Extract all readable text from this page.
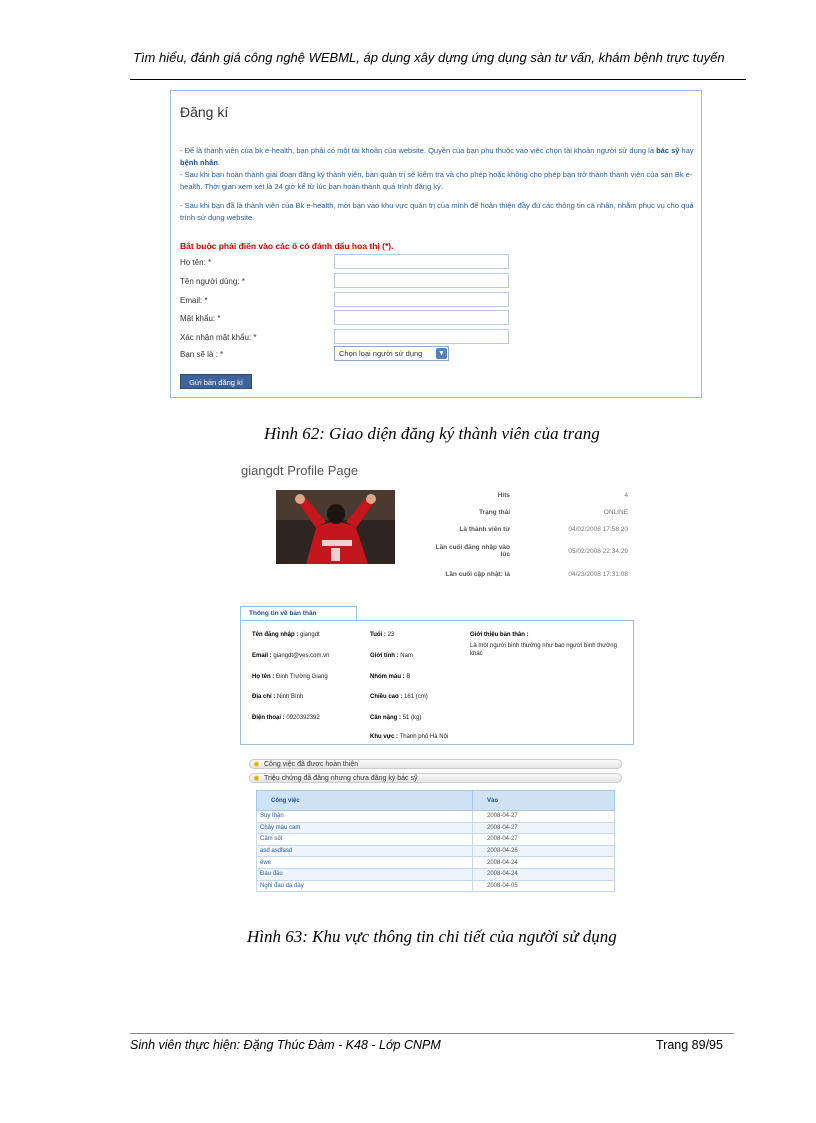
Tìm hiểu, đánh giá công nghệ WEBML, áp dụng xây dựng ứng dụng sàn tư vấn, khám bệnh trực tuyến
Đăng kí
- Để là thành viên của bk e-health, bạn phải có một tài khoản của website. Quyền của bạn phụ thuộc vào việc chọn tài khoản người sử dụng là bác sỹ hay bệnh nhân.
- Sau khi bạn hoàn thành giai đoạn đăng ký thành viên, ban quản trị sẽ kiểm tra và cho phép hoặc không cho phép bạn trở thành thành viên của sàn Bk e-health. Thời gian xem xét là 24 giờ kể từ lúc bạn hoàn thành quá trình đăng ký.
- Sau khi bạn đã là thành viên của Bk e-health, mời bạn vào khu vực quản trị của mình để hoàn thiện đầy đủ các thông tin cá nhân, nhằm phục vụ cho quá trình sử dụng website.
Bắt buộc phải điền vào các ô có đánh dấu hoa thị (*).
Họ tên: *
Tên người dùng: *
Email: *
Mật khẩu: *
Xác nhận mật khẩu: *
Bạn sẽ là : *	Chọn loại người sử dụng ▼
Gửi bản đăng kí
Hình 62: Giao diện đăng ký thành viên của trang
giangdt Profile Page
Hits	4
Trạng thái	ONLINE
Là thành viên từ	04/02/2008 17:58:20
Lần cuối đăng nhập vào lúc	05/02/2008 22:34:29
Lần cuối cập nhật: lá	04/23/2008 17:31:08
Thông tin về bản thân
Tên đăng nhập : giangdt
Email : giangdt@ves.com.vn
Họ tên : Đinh Trường Giang
Địa chỉ : Ninh Bình
Điện thoại : 0920392392
Tuổi : 23
Giới tính : Nam
Nhóm máu : B
Chiều cao : 161 (cm)
Cân nặng : 51 (kg)
Khu vực : Thành phố Hà Nội
Giới thiệu bản thân :
Là một người bình thường như bao người bình thường khác
✹ Công việc đã được hoàn thiện
✹ Triệu chứng đã đăng nhưng chưa đăng ký bác sỹ
Công việc	Vào
Suy thận	2008-04-27
Chảy máu cam	2008-04-27
Cảm sốt	2008-04-27
asd asdfasd	2008-04-26
ёwe	2008-04-24
Đau đầu	2008-04-24
Nghi đau dạ dày	2008-04-05
Hình 63: Khu vực thông tin chi tiết của người sử dụng
Sinh viên thực hiện: Đặng Thúc Đàm - K48 - Lớp CNPM	Trang 89/95
